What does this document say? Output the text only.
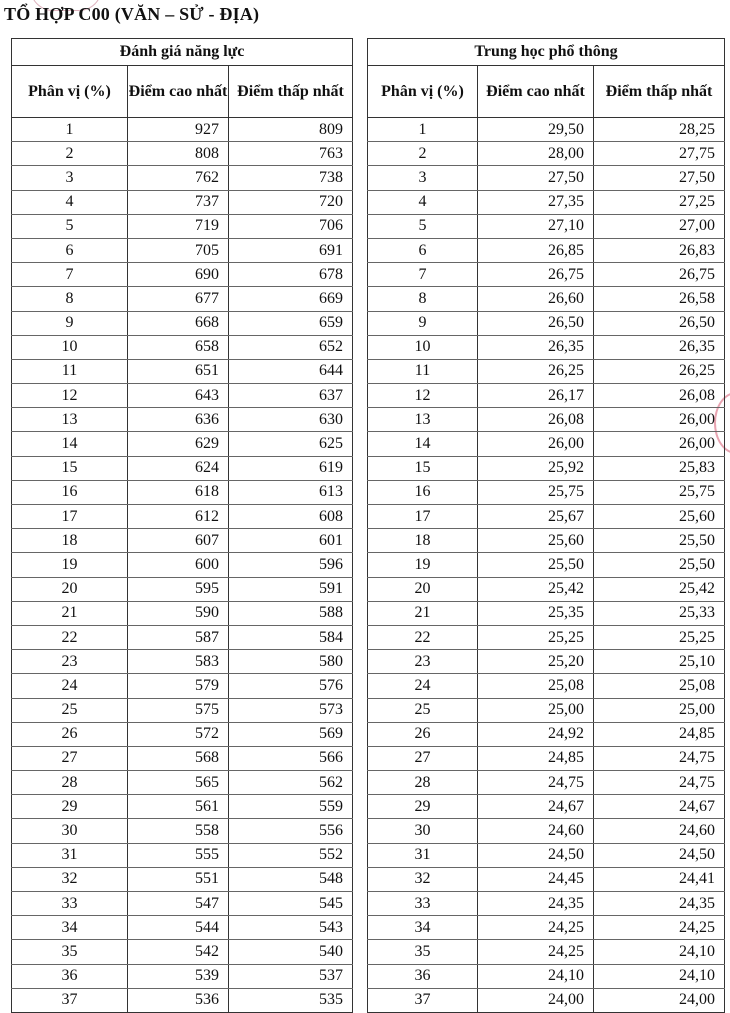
TỔ HỢP C00 (VĂN – SỬ - ĐỊA)
Đánh giá năng lực		
Phân vị (%)	Điểm cao nhất	Điểm thấp nhất
1	927	809
2	808	763
3	762	738
4	737	720
5	719	706
6	705	691
7	690	678
8	677	669
9	668	659
10	658	652
11	651	644
12	643	637
13	636	630
14	629	625
15	624	619
16	618	613
17	612	608
18	607	601
19	600	596
20	595	591
21	590	588
22	587	584
23	583	580
24	579	576
25	575	573
26	572	569
27	568	566
28	565	562
29	561	559
30	558	556
31	555	552
32	551	548
33	547	545
34	544	543
35	542	540
36	539	537
37	536	535
Trung học phổ thông		
Phân vị (%)	Điểm cao nhất	Điểm thấp nhất
1	29,50	28,25
2	28,00	27,75
3	27,50	27,50
4	27,35	27,25
5	27,10	27,00
6	26,85	26,83
7	26,75	26,75
8	26,60	26,58
9	26,50	26,50
10	26,35	26,35
11	26,25	26,25
12	26,17	26,08
13	26,08	26,00
14	26,00	26,00
15	25,92	25,83
16	25,75	25,75
17	25,67	25,60
18	25,60	25,50
19	25,50	25,50
20	25,42	25,42
21	25,35	25,33
22	25,25	25,25
23	25,20	25,10
24	25,08	25,08
25	25,00	25,00
26	24,92	24,85
27	24,85	24,75
28	24,75	24,75
29	24,67	24,67
30	24,60	24,60
31	24,50	24,50
32	24,45	24,41
33	24,35	24,35
34	24,25	24,25
35	24,25	24,10
36	24,10	24,10
37	24,00	24,00
